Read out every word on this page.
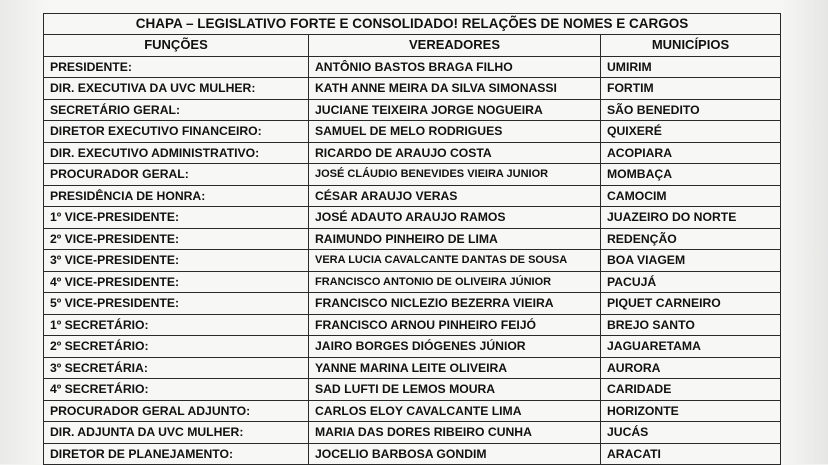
CHAPA – LEGISLATIVO FORTE E CONSOLIDADO! RELAÇÕES DE NOMES E CARGOS		
FUNÇÕES	VEREADORES	MUNICÍPIOS
PRESIDENTE:	ANTÔNIO BASTOS BRAGA FILHO	UMIRIM
DIR. EXECUTIVA DA UVC MULHER:	KATH ANNE MEIRA DA SILVA SIMONASSI	FORTIM
SECRETÁRIO GERAL:	JUCIANE TEIXEIRA JORGE NOGUEIRA	SÃO BENEDITO
DIRETOR EXECUTIVO FINANCEIRO:	SAMUEL DE MELO RODRIGUES	QUIXERÉ
DIR. EXECUTIVO ADMINISTRATIVO:	RICARDO DE ARAUJO COSTA	ACOPIARA
PROCURADOR GERAL:	JOSÉ CLÁUDIO BENEVIDES VIEIRA JUNIOR	MOMBAÇA
PRESIDÊNCIA DE HONRA:	CÉSAR ARAUJO VERAS	CAMOCIM
1º VICE-PRESIDENTE:	JOSÉ ADAUTO ARAUJO RAMOS	JUAZEIRO DO NORTE
2º VICE-PRESIDENTE:	RAIMUNDO PINHEIRO DE LIMA	REDENÇÃO
3º VICE-PRESIDENTE:	VERA LUCIA CAVALCANTE DANTAS DE SOUSA	BOA VIAGEM
4º VICE-PRESIDENTE:	FRANCISCO ANTONIO DE OLIVEIRA JÚNIOR	PACUJÁ
5º VICE-PRESIDENTE:	FRANCISCO NICLEZIO BEZERRA VIEIRA	PIQUET CARNEIRO
1º SECRETÁRIO:	FRANCISCO ARNOU PINHEIRO FEIJÓ	BREJO SANTO
2º SECRETÁRIO:	JAIRO BORGES DIÓGENES JÚNIOR	JAGUARETAMA
3º SECRETÁRIA:	YANNE MARINA LEITE OLIVEIRA	AURORA
4º SECRETÁRIO:	SAD LUFTI DE LEMOS MOURA	CARIDADE
PROCURADOR GERAL ADJUNTO:	CARLOS ELOY CAVALCANTE LIMA	HORIZONTE
DIR. ADJUNTA DA UVC MULHER:	MARIA DAS DORES RIBEIRO CUNHA	JUCÁS
DIRETOR DE PLANEJAMENTO:	JOCELIO BARBOSA GONDIM	ARACATI
